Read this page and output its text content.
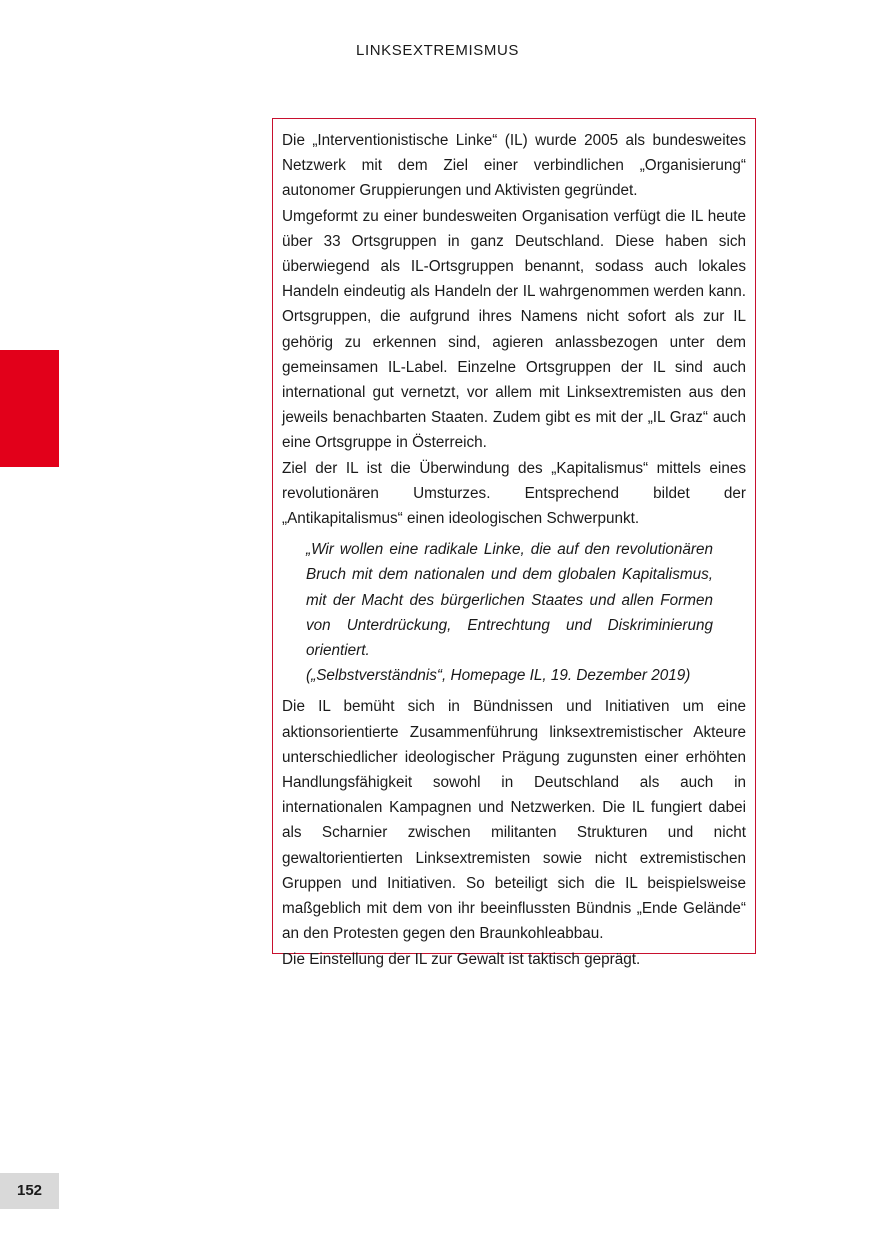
LINKSEXTREMISMUS

Die „Interventionistische Linke“ (IL) wurde 2005 als bundesweites Netzwerk mit dem Ziel einer verbindlichen „Organisierung“ autonomer Gruppierungen und Aktivisten gegründet.

Umgeformt zu einer bundesweiten Organisation verfügt die IL heute über 33 Ortsgruppen in ganz Deutschland. Diese haben sich überwiegend als IL-Ortsgruppen benannt, sodass auch lokales Handeln eindeutig als Handeln der IL wahrgenommen werden kann. Ortsgruppen, die aufgrund ihres Namens nicht sofort als zur IL gehörig zu erkennen sind, agieren anlassbezogen unter dem gemeinsamen IL-Label. Einzelne Ortsgruppen der IL sind auch international gut vernetzt, vor allem mit Linksextremisten aus den jeweils benachbarten Staaten. Zudem gibt es mit der „IL Graz“ auch eine Ortsgruppe in Österreich.

Ziel der IL ist die Überwindung des „Kapitalismus“ mittels eines revolutionären Umsturzes. Entsprechend bildet der „Antikapitalismus“ einen ideologischen Schwerpunkt.

„Wir wollen eine radikale Linke, die auf den revolutionären Bruch mit dem nationalen und dem globalen Kapitalismus, mit der Macht des bürgerlichen Staates und allen Formen von Unterdrückung, Entrechtung und Diskriminierung orientiert.

(„Selbstverständnis“, Homepage IL, 19. Dezember 2019)

Die IL bemüht sich in Bündnissen und Initiativen um eine aktionsorientierte Zusammenführung linksextremistischer Akteure unterschiedlicher ideologischer Prägung zugunsten einer erhöhten Handlungsfähigkeit sowohl in Deutschland als auch in internationalen Kampagnen und Netzwerken. Die IL fungiert dabei als Scharnier zwischen militanten Strukturen und nicht gewaltorientierten Linksextremisten sowie nicht extremistischen Gruppen und Initiativen. So beteiligt sich die IL beispielsweise maßgeblich mit dem von ihr beeinflussten Bündnis „Ende Gelände“ an den Protesten gegen den Braunkohleabbau.

Die Einstellung der IL zur Gewalt ist taktisch geprägt.

152
